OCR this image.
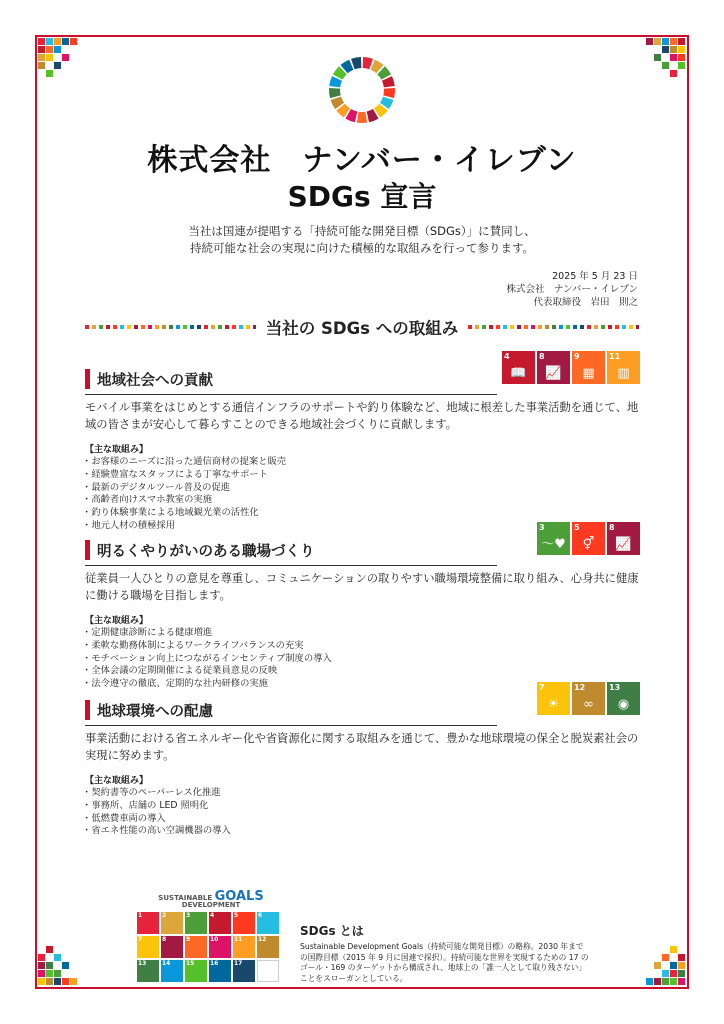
株式会社　ナンバー・イレブン
SDGs 宣言
当社は国連が提唱する「持続可能な開発目標（SDGs）」に賛同し、
持続可能な社会の実現に向けた積極的な取組みを行って参ります。
2025 年 5 月 23 日
株式会社　ナンバー・イレブン
代表取締役　岩田　則之
当社の SDGs への取組み
地域社会への貢献
4
📖
8
📈
9
▦
11
▥
モバイル事業をはじめとする通信インフラのサポートや釣り体験など、地域に根差した事業活動を通じて、地域の皆さまが安心して暮らすことのできる地域社会づくりに貢献します。
【主な取組み】
・ お客様のニーズに沿った通信商材の提案と販売
・ 経験豊富なスタッフによる丁寧なサポート
・ 最新のデジタルツール普及の促進
・ 高齢者向けスマホ教室の実施
・ 釣り体験事業による地域観光業の活性化
・ 地元人材の積極採用
明るくやりがいのある職場づくり
3
〜♥
5
⚥
8
📈
従業員一人ひとりの意見を尊重し、コミュニケーションの取りやすい職場環境整備に取り組み、心身共に健康に働ける職場を目指します。
【主な取組み】
・ 定期健康診断による健康増進
・ 柔軟な勤務体制によるワークライフバランスの充実
・ モチベーション向上につながるインセンティブ制度の導入
・ 全体会議の定期開催による従業員意見の反映
・ 法令遵守の徹底、定期的な社内研修の実施
地球環境への配慮
7
☀
12
∞
13
◉
事業活動における省エネルギー化や省資源化に関する取組みを通じて、豊かな地球環境の保全と脱炭素社会の実現に努めます。
【主な取組み】
・ 契約書等のペーパーレス化推進
・ 事務所、店舗の LED 照明化
・ 低燃費車両の導入
・ 省エネ性能の高い空調機器の導入
SUSTAINABLE GOALS
DEVELOPMENT
1	2	3	4	5	6
7	8	9	10	11	12
13	14	15	16	17
SDGs とは
Sustainable Development Goals（持続可能な開発目標）の略称。2030 年までの国際目標（2015 年 9 月に国連で採択）。持続可能な世界を実現するための 17 のゴール・169 のターゲットから構成され、地球上の「誰一人として取り残さない」ことをスローガンとしている。
